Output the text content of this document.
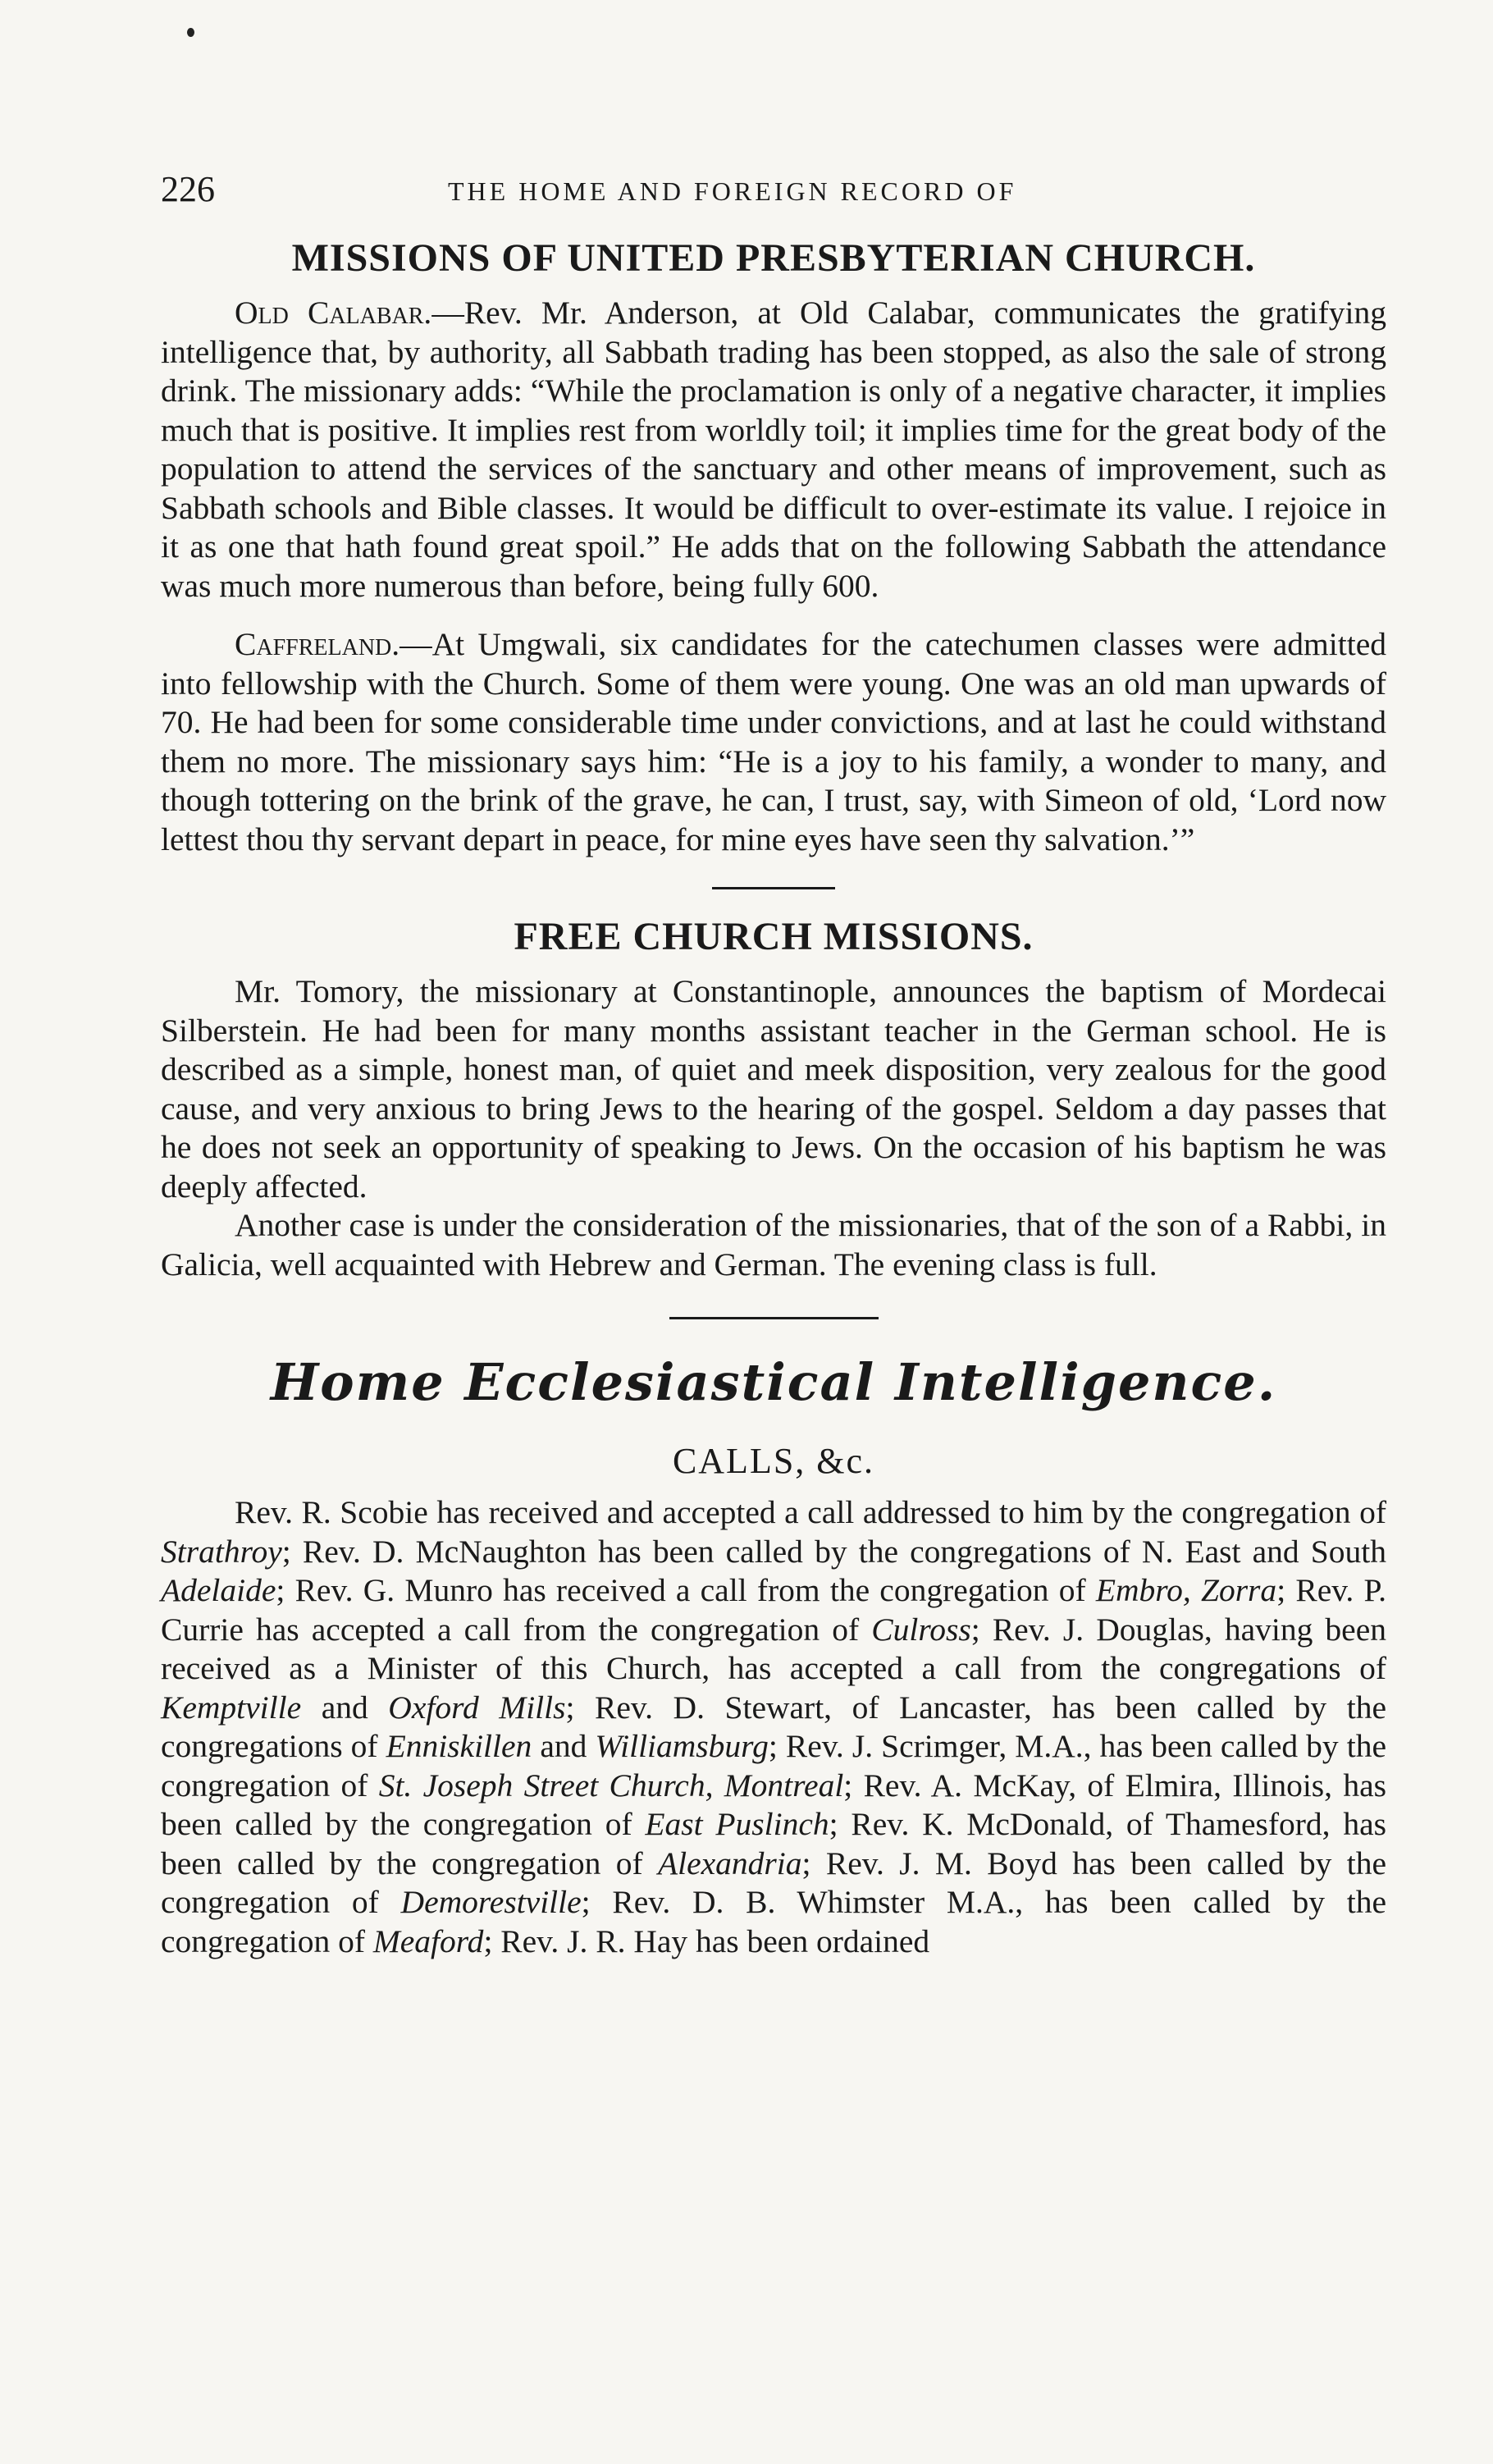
226	THE HOME AND FOREIGN RECORD OF
MISSIONS OF UNITED PRESBYTERIAN CHURCH.

Old Calabar.—Rev. Mr. Anderson, at Old Calabar, communicates the gratifying intelligence that, by authority, all Sabbath trading has been stopped, as also the sale of strong drink. The missionary adds: “While the proclamation is only of a negative character, it implies much that is positive. It implies rest from worldly toil; it implies time for the great body of the population to attend the services of the sanctuary and other means of improvement, such as Sabbath schools and Bible classes. It would be difficult to over-estimate its value. I rejoice in it as one that hath found great spoil.” He adds that on the following Sabbath the attendance was much more numerous than before, being fully 600.

Caffreland.—At Umgwali, six candidates for the catechumen classes were admitted into fellowship with the Church. Some of them were young. One was an old man upwards of 70. He had been for some considerable time under convictions, and at last he could withstand them no more. The missionary says him: “He is a joy to his family, a wonder to many, and though tottering on the brink of the grave, he can, I trust, say, with Simeon of old, ‘Lord now lettest thou thy servant depart in peace, for mine eyes have seen thy salvation.’”

FREE CHURCH MISSIONS.

Mr. Tomory, the missionary at Constantinople, announces the baptism of Mordecai Silberstein. He had been for many months assistant teacher in the German school. He is described as a simple, honest man, of quiet and meek disposition, very zealous for the good cause, and very anxious to bring Jews to the hearing of the gospel. Seldom a day passes that he does not seek an opportunity of speaking to Jews. On the occasion of his baptism he was deeply affected.

Another case is under the consideration of the missionaries, that of the son of a Rabbi, in Galicia, well acquainted with Hebrew and German. The evening class is full.

Home Ecclesiastical Intelligence.
CALLS, &c.

Rev. R. Scobie has received and accepted a call addressed to him by the congregation of Strathroy; Rev. D. McNaughton has been called by the congregations of N. East and South Adelaide; Rev. G. Munro has received a call from the congregation of Embro, Zorra; Rev. P. Currie has accepted a call from the congregation of Culross; Rev. J. Douglas, having been received as a Minister of this Church, has accepted a call from the congregations of Kemptville and Oxford Mills; Rev. D. Stewart, of Lancaster, has been called by the congregations of Enniskillen and Williamsburg; Rev. J. Scrimger, M.A., has been called by the congregation of St. Joseph Street Church, Montreal; Rev. A. McKay, of Elmira, Illinois, has been called by the congregation of East Puslinch; Rev. K. McDonald, of Thamesford, has been called by the congregation of Alexandria; Rev. J. M. Boyd has been called by the congregation of Demorestville; Rev. D. B. Whimster M.A., has been called by the congregation of Meaford; Rev. J. R. Hay has been ordained
